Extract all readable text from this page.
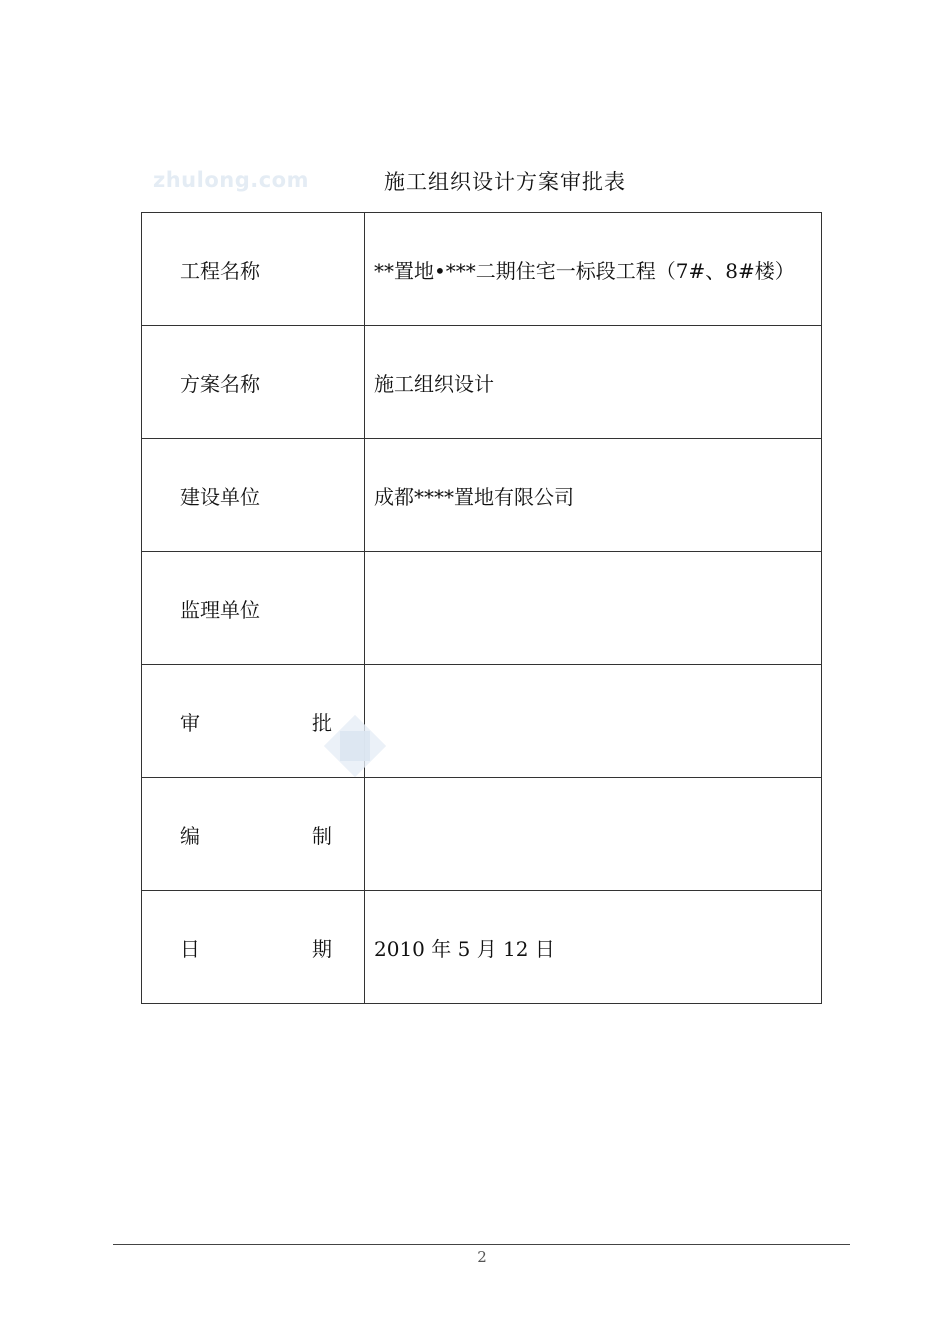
zhulong.com	施工组织设计方案审批表
工程名称	**置地•***二期住宅一标段工程（7#、8#楼）

方案名称	施工组织设计

建设单位	成都****置地有限公司

监理单位	

审 批	

编 制	

日 期	2010 年 5 月 12 日
2
